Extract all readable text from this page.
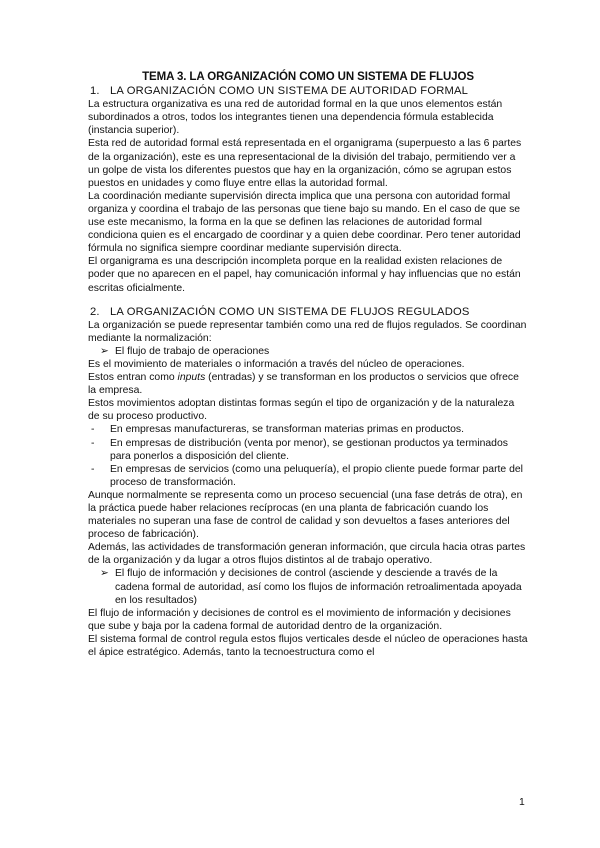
TEMA 3. LA ORGANIZACIÓN COMO UN SISTEMA DE FLUJOS
1. LA ORGANIZACIÓN COMO UN SISTEMA DE AUTORIDAD FORMAL

La estructura organizativa es una red de autoridad formal en la que unos elementos están subordinados a otros, todos los integrantes tienen una dependencia fórmula establecida (instancia superior).

Esta red de autoridad formal está representada en el organigrama (superpuesto a las 6 partes de la organización), este es una representacional de la división del trabajo, permitiendo ver a un golpe de vista los diferentes puestos que hay en la organización, cómo se agrupan estos puestos en unidades y como fluye entre ellas la autoridad formal.

La coordinación mediante supervisión directa implica que una persona con autoridad formal organiza y coordina el trabajo de las personas que tiene bajo su mando. En el caso de que se use este mecanismo, la forma en la que se definen las relaciones de autoridad formal condiciona quien es el encargado de coordinar y a quien debe coordinar. Pero tener autoridad fórmula no significa siempre coordinar mediante supervisión directa.

El organigrama es una descripción incompleta porque en la realidad existen relaciones de poder que no aparecen en el papel, hay comunicación informal y hay influencias que no están escritas oficialmente.

2. LA ORGANIZACIÓN COMO UN SISTEMA DE FLUJOS REGULADOS

La organización se puede representar también como una red de flujos regulados. Se coordinan mediante la normalización:

➢ El flujo de trabajo de operaciones

Es el movimiento de materiales o información a través del núcleo de operaciones.

Estos entran como inputs (entradas) y se transforman en los productos o servicios que ofrece la empresa.

Estos movimientos adoptan distintas formas según el tipo de organización y de la naturaleza de su proceso productivo.

- En empresas manufactureras, se transforman materias primas en productos.
- En empresas de distribución (venta por menor), se gestionan productos ya terminados para ponerlos a disposición del cliente.
- En empresas de servicios (como una peluquería), el propio cliente puede formar parte del proceso de transformación.

Aunque normalmente se representa como un proceso secuencial (una fase detrás de otra), en la práctica puede haber relaciones recíprocas (en una planta de fabricación cuando los materiales no superan una fase de control de calidad y son devueltos a fases anteriores del proceso de fabricación).

Además, las actividades de transformación generan información, que circula hacia otras partes de la organización y da lugar a otros flujos distintos al de trabajo operativo.

➢ El flujo de información y decisiones de control (asciende y desciende a través de la cadena formal de autoridad, así como los flujos de información retroalimentada apoyada en los resultados)

El flujo de información y decisiones de control es el movimiento de información y decisiones que sube y baja por la cadena formal de autoridad dentro de la organización.

El sistema formal de control regula estos flujos verticales desde el núcleo de operaciones hasta el ápice estratégico. Además, tanto la tecnoestructura como el

1
